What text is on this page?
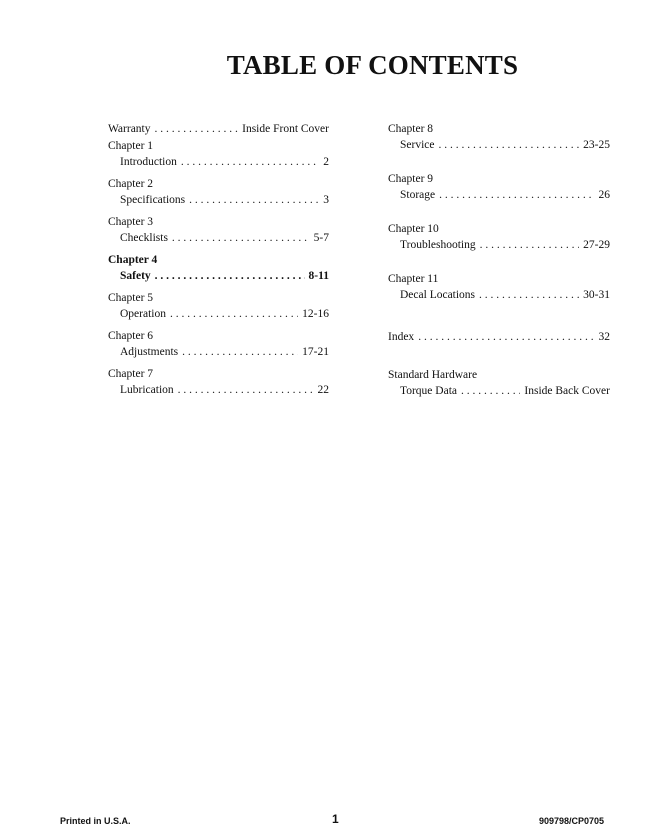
TABLE OF CONTENTS
Warranty . . .	Inside Front Cover
Chapter 1
Introduction . . .	2
Chapter 2
Specifications . . .	3
Chapter 3
Checklists . . .	5-7
Chapter 4
Safety . . .	8-11
Chapter 5
Operation . . .	12-16
Chapter 6
Adjustments . . .	17-21
Chapter 7
Lubrication . . .	22
Chapter 8
Service . . .	23-25
Chapter 9
Storage . . .	26
Chapter 10
Troubleshooting . . .	27-29
Chapter 11
Decal Locations . . .	30-31
Index . . .	32
Standard Hardware
Torque Data . . .	Inside Back Cover
Printed in U.S.A.	1	909798/CP0705
